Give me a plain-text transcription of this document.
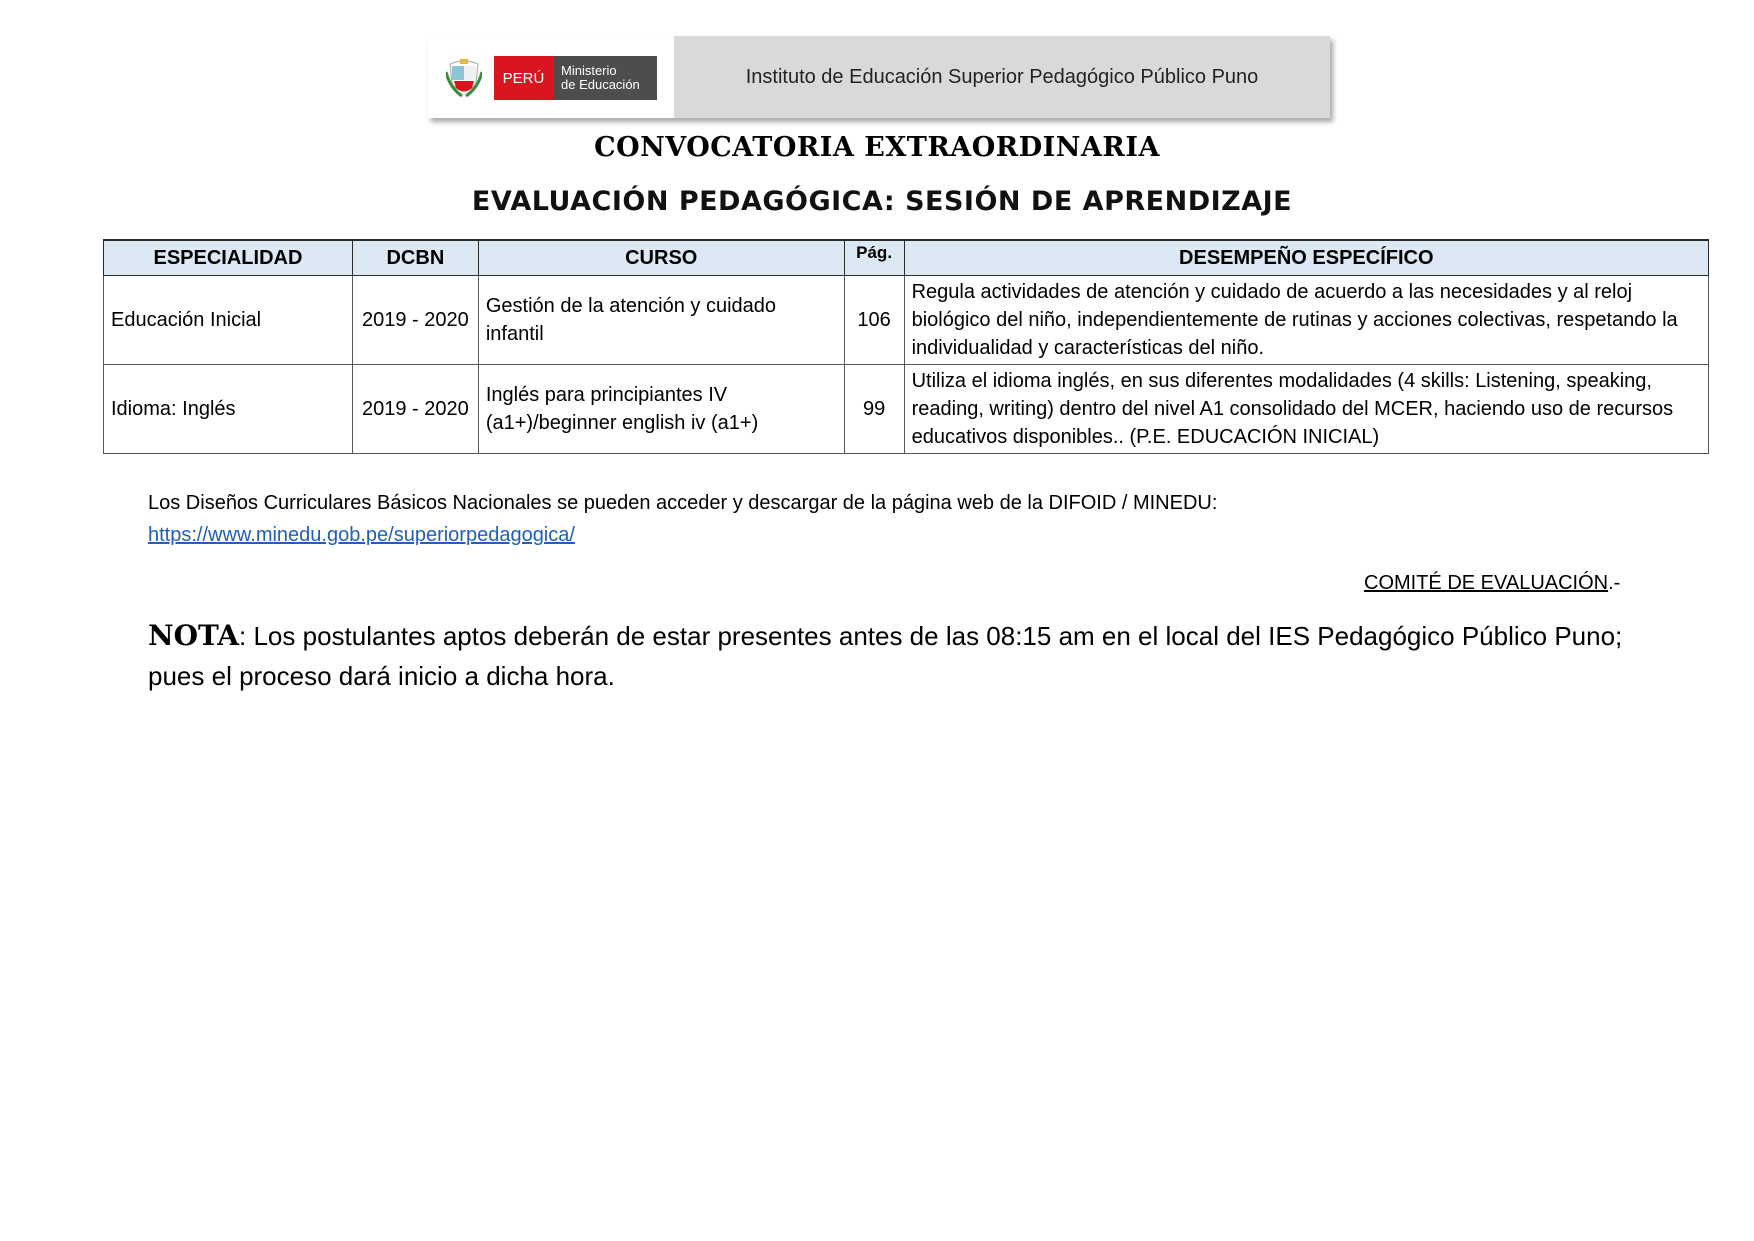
PERÚ	Ministerio
de Educación	Instituto de Educación Superior Pedagógico Público Puno
CONVOCATORIA EXTRAORDINARIA
EVALUACIÓN PEDAGÓGICA: SESIÓN DE APRENDIZAJE
ESPECIALIDAD	DCBN	CURSO	Pág.	DESEMPEÑO ESPECÍFICO
Educación Inicial	2019 - 2020	Gestión de la atención y cuidado infantil	106	Regula actividades de atención y cuidado de acuerdo a las necesidades y al reloj biológico del niño, independientemente de rutinas y acciones colectivas, respetando la individualidad y características del niño.
Idioma: Inglés	2019 - 2020	Inglés para principiantes IV (a1+)/beginner english iv (a1+)	99	Utiliza el idioma inglés, en sus diferentes modalidades (4 skills: Listening, speaking, reading, writing) dentro del nivel A1 consolidado del MCER, haciendo uso de recursos educativos disponibles.. (P.E. EDUCACIÓN INICIAL)
Los Diseños Curriculares Básicos Nacionales se pueden acceder y descargar de la página web de la DIFOID / MINEDU:
https://www.minedu.gob.pe/superiorpedagogica/
COMITÉ DE EVALUACIÓN.-
NOTA: Los postulantes aptos deberán de estar presentes antes de las 08:15 am en el local del IES Pedagógico Público Puno; pues el proceso dará inicio a dicha hora.
